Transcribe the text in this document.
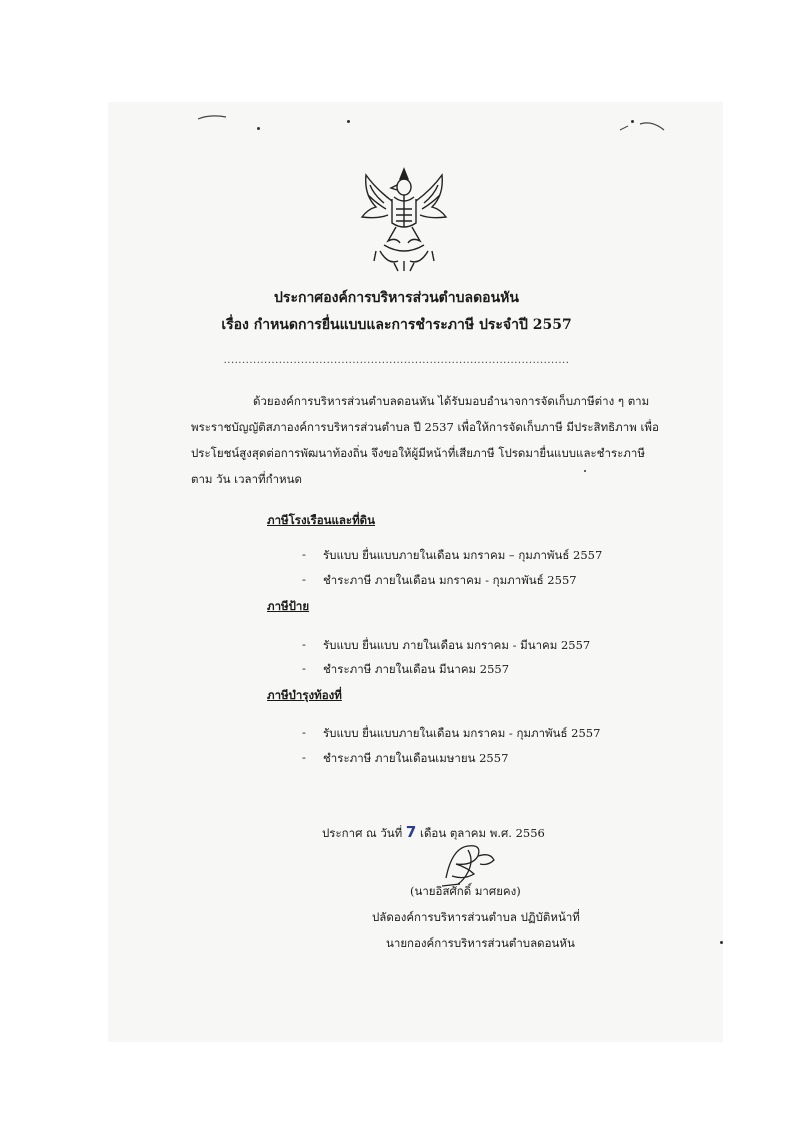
ประกาศองค์การบริหารส่วนตำบลดอนหัน
เรื่อง กำหนดการยื่นแบบและการชำระภาษี ประจำปี 2557
..............................................................................................
ด้วยองค์การบริหารส่วนตำบลดอนหัน ได้รับมอบอำนาจการจัดเก็บภาษีต่าง ๆ ตาม
พระราชบัญญัติสภาองค์การบริหารส่วนตำบล ปี 2537 เพื่อให้การจัดเก็บภาษี มีประสิทธิภาพ เพื่อ
ประโยชน์สูงสุดต่อการพัฒนาท้องถิ่น จึงขอให้ผู้มีหน้าที่เสียภาษี โปรดมายื่นแบบและชำระภาษี
ตาม วัน เวลาที่กำหนด
ภาษีโรงเรือนและที่ดิน
- รับแบบ ยื่นแบบภายในเดือน มกราคม – กุมภาพันธ์ 2557
- ชำระภาษี ภายในเดือน มกราคม - กุมภาพันธ์ 2557
ภาษีป้าย
- รับแบบ ยื่นแบบ ภายในเดือน มกราคม - มีนาคม 2557
- ชำระภาษี ภายในเดือน มีนาคม 2557
ภาษีบำรุงท้องที่
- รับแบบ ยื่นแบบภายในเดือน มกราคม - กุมภาพันธ์ 2557
- ชำระภาษี ภายในเดือนเมษายน 2557
ประกาศ ณ วันที่ 7 เดือน ตุลาคม พ.ศ. 2556
(นายอิสศักดิ์ มาศยคง)
ปลัดองค์การบริหารส่วนตำบล ปฏิบัติหน้าที่
นายกองค์การบริหารส่วนตำบลดอนหัน
